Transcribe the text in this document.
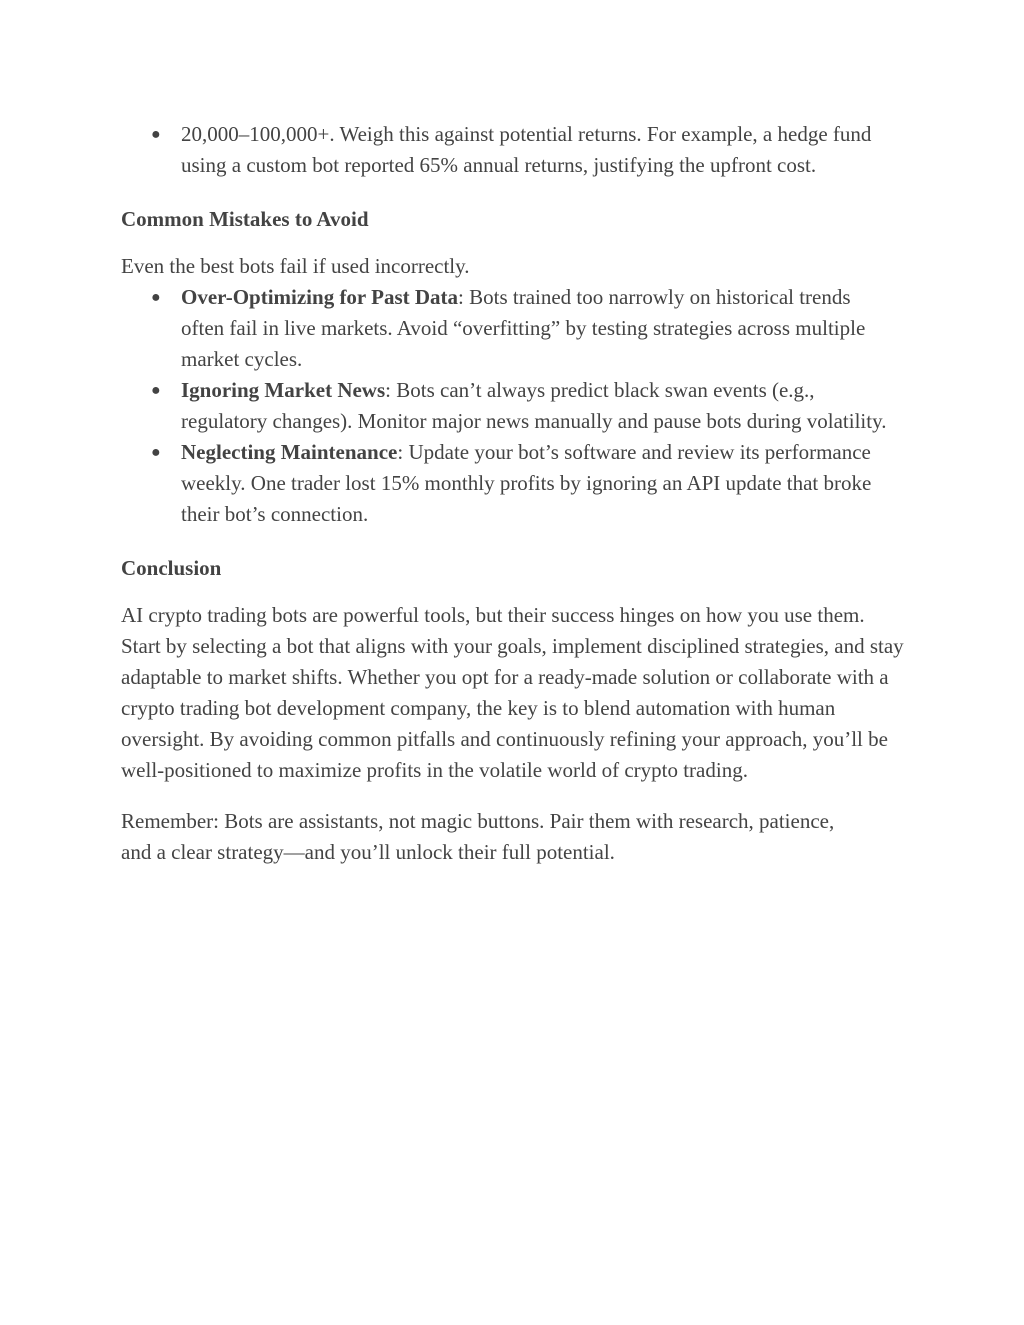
● 20,000–100,000+. Weigh this against potential returns. For example, a hedge fund using a custom bot reported 65% annual returns, justifying the upfront cost.
Common Mistakes to Avoid

Even the best bots fail if used incorrectly.

● Over-Optimizing for Past Data: Bots trained too narrowly on historical trends often fail in live markets. Avoid “overfitting” by testing strategies across multiple market cycles.
● Ignoring Market News: Bots can’t always predict black swan events (e.g., regulatory changes). Monitor major news manually and pause bots during volatility.
● Neglecting Maintenance: Update your bot’s software and review its performance weekly. One trader lost 15% monthly profits by ignoring an API update that broke their bot’s connection.
Conclusion

AI crypto trading bots are powerful tools, but their success hinges on how you use them. Start by selecting a bot that aligns with your goals, implement disciplined strategies, and stay adaptable to market shifts. Whether you opt for a ready-made solution or collaborate with a crypto trading bot development company, the key is to blend automation with human oversight. By avoiding common pitfalls and continuously refining your approach, you’ll be well-positioned to maximize profits in the volatile world of crypto trading.

Remember: Bots are assistants, not magic buttons. Pair them with research, patience, and a clear strategy—and you’ll unlock their full potential.
